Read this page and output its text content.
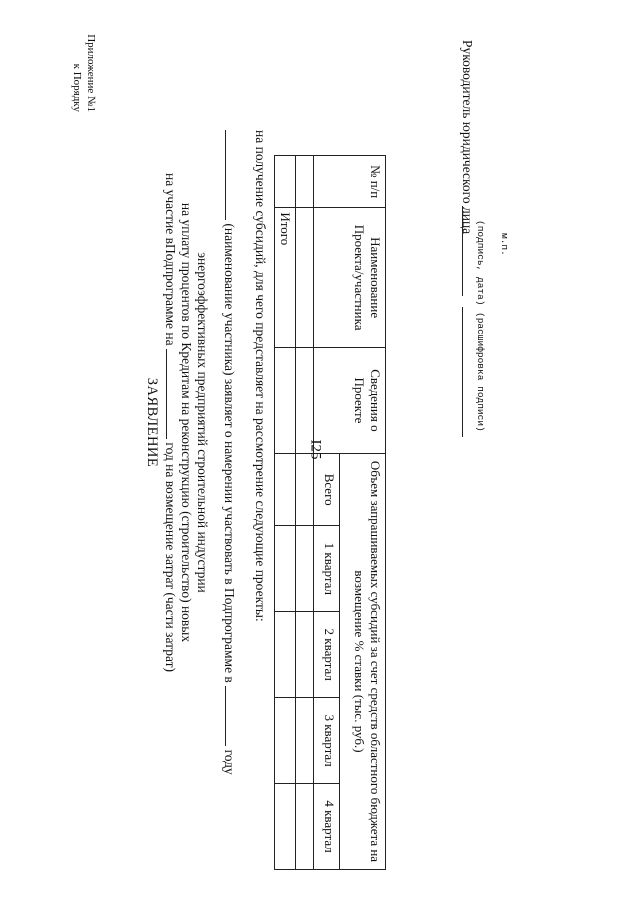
Приложение №1
к Порядку
ЗАЯВЛЕНИЕ
на участие вПодпрограмме на  год на возмещение затрат (части затрат) на уплату процентов по Кредитам на реконструкцию (строительство) новых энергоэффективных предприятий строительной индустрии (наименование участника) заявляет о намерении участвовать в Подпрограмме в  году
на получение субсидий, для чего представляет на рассмотрение следующие проекты:	№ п/п	Наименование Проекта/участника	Сведения о Проекте	Объем запрашиваемых субсидий за счет средств областного бюджета на возмещение % ставки (тыс. руб.)				
			Всего	1 квартал	2 квартал	3 квартал	4 квартал

	Итого							Руководитель юридического лица
(подпись, дата)
(расшифровка подписи)
м.п.
I25
